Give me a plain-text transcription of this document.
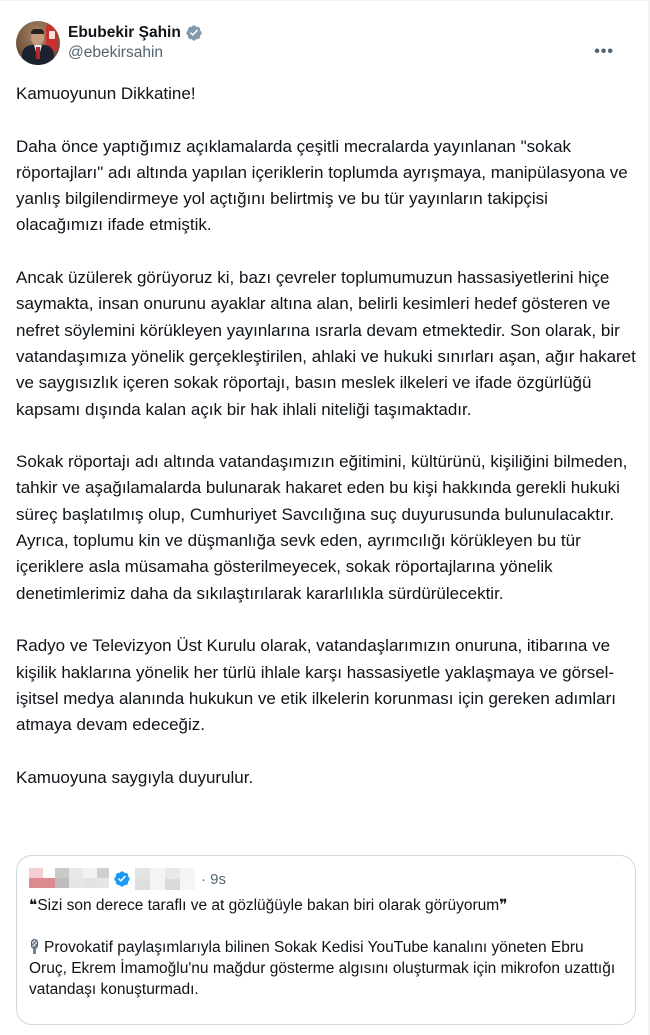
Ebubekir Şahin
@ebekirsahin	•••

Kamuoyunun Dikkatine!

Daha önce yaptığımız açıklamalarda çeşitli mecralarda yayınlanan "sokak röportajları" adı altında yapılan içeriklerin toplumda ayrışmaya, manipülasyona ve yanlış bilgilendirmeye yol açtığını belirtmiş ve bu tür yayınların takipçisi olacağımızı ifade etmiştik.

Ancak üzülerek görüyoruz ki, bazı çevreler toplumumuzun hassasiyetlerini hiçe saymakta, insan onurunu ayaklar altına alan, belirli kesimleri hedef gösteren ve nefret söylemini körükleyen yayınlarına ısrarla devam etmektedir. Son olarak, bir vatandaşımıza yönelik gerçekleştirilen, ahlaki ve hukuki sınırları aşan, ağır hakaret ve saygısızlık içeren sokak röportajı, basın meslek ilkeleri ve ifade özgürlüğü kapsamı dışında kalan açık bir hak ihlali niteliği taşımaktadır.

Sokak röportajı adı altında vatandaşımızın eğitimini, kültürünü, kişiliğini bilmeden, tahkir ve aşağılamalarda bulunarak hakaret eden bu kişi hakkında gerekli hukuki süreç başlatılmış olup, Cumhuriyet Savcılığına suç duyurusunda bulunulacaktır. Ayrıca, toplumu kin ve düşmanlığa sevk eden, ayrımcılığı körükleyen bu tür içeriklere asla müsamaha gösterilmeyecek, sokak röportajlarına yönelik denetimlerimiz daha da sıkılaştırılarak kararlılıkla sürdürülecektir.

Radyo ve Televizyon Üst Kurulu olarak, vatandaşlarımızın onuruna, itibarına ve kişilik haklarına yönelik her türlü ihlale karşı hassasiyetle yaklaşmaya ve görsel-işitsel medya alanında hukukun ve etik ilkelerin korunması için gereken adımları atmaya devam edeceğiz.

Kamuoyuna saygıyla duyurulur.

· 9s

❝Sizi son derece taraflı ve at gözlüğüyle bakan biri olarak görüyorum❞

Provokatif paylaşımlarıyla bilinen Sokak Kedisi YouTube kanalını yöneten Ebru Oruç, Ekrem İmamoğlu'nu mağdur gösterme algısını oluşturmak için mikrofon uzattığı vatandaşı konuşturmadı.
